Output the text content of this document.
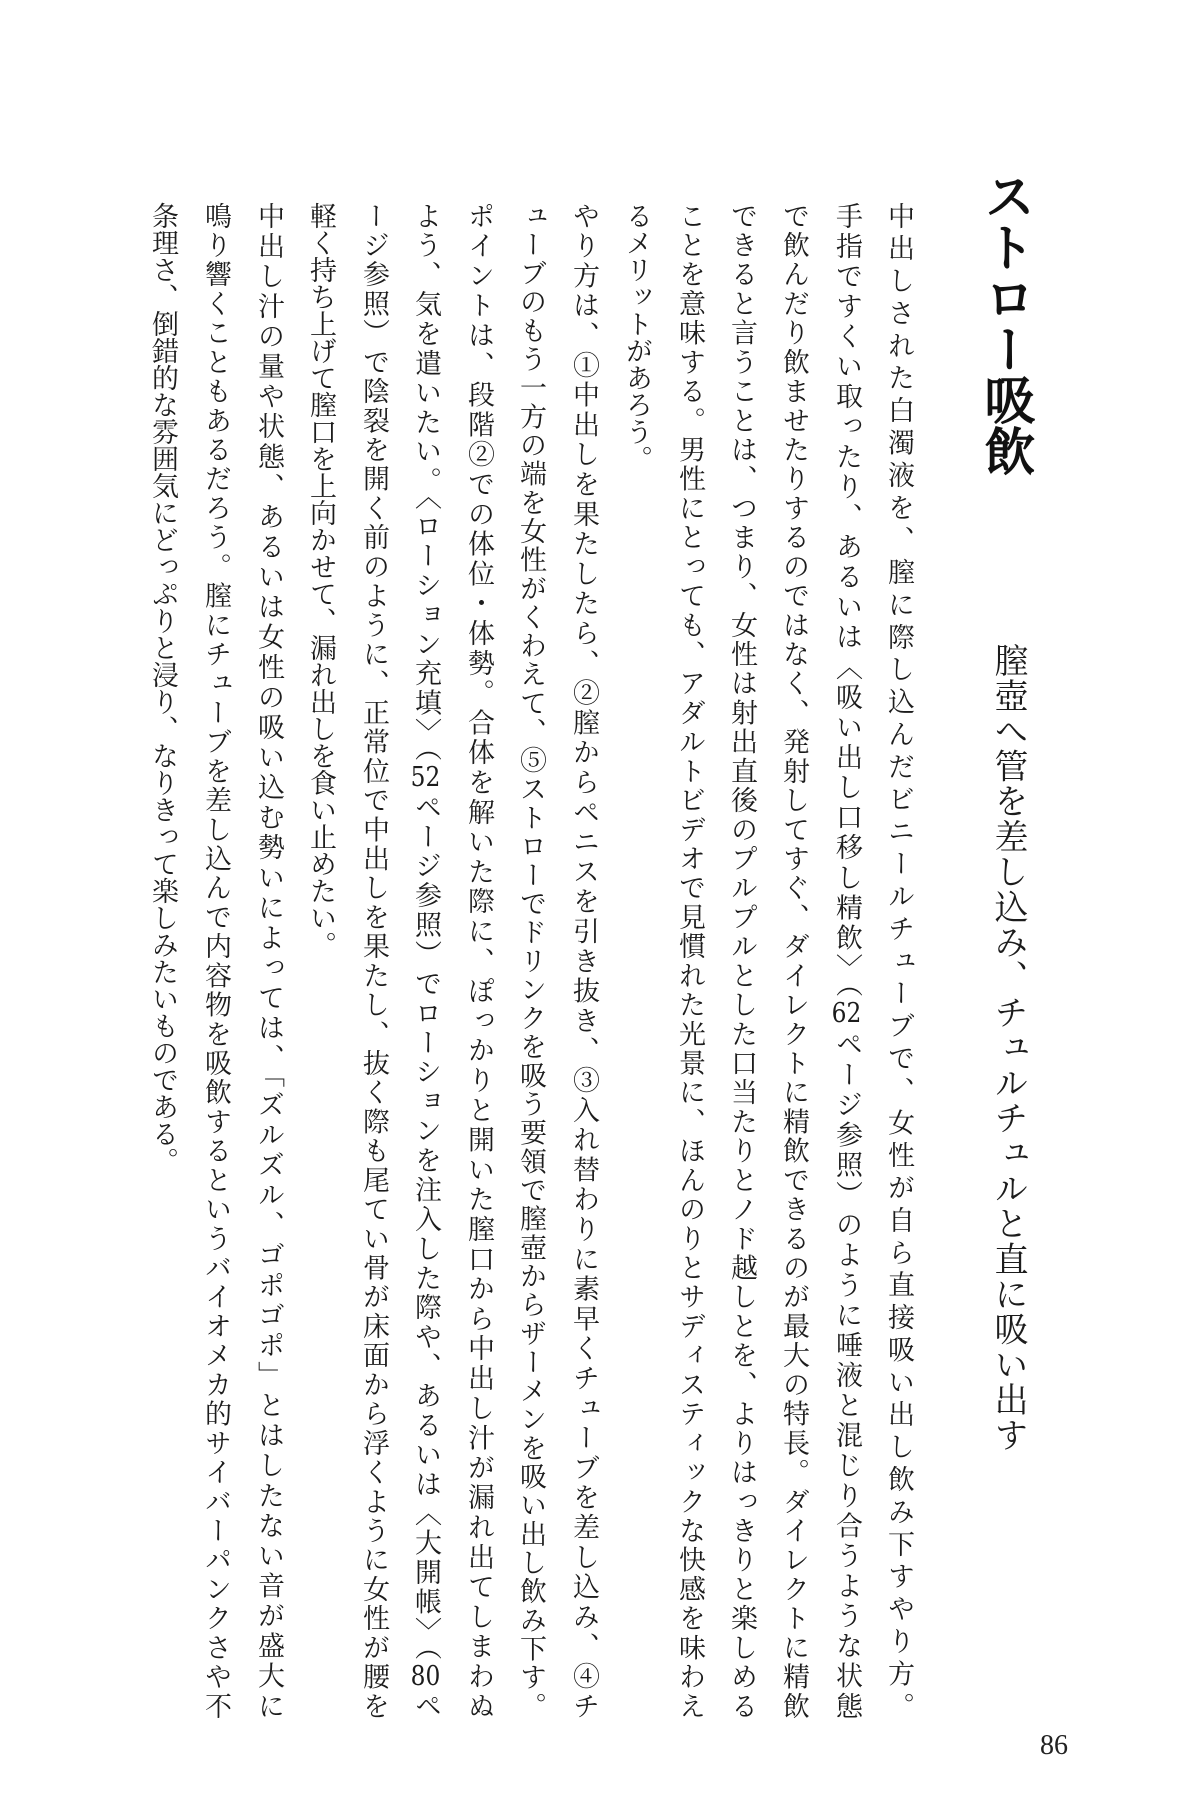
ストロー吸飲
膣壺へ管を差し込み、チュルチュルと直に吸い出す
中出しされた白濁液を、膣に際し込んだビニールチューブで、女性が自ら直接吸い出し飲み下すやり方。
手指ですくい取ったり、あるいは〈吸い出し口移し精飲〉（62ページ参照）のように唾液と混じり合うような状態
で飲んだり飲ませたりするのではなく、発射してすぐ、ダイレクトに精飲できるのが最大の特長。ダイレクトに精飲
できると言うことは、つまり、女性は射出直後のプルプルとした口当たりとノド越しとを、よりはっきりと楽しめる
ことを意味する。男性にとっても、アダルトビデオで見慣れた光景に、ほんのりとサディスティックな快感を味わえ
るメリットがあろう。
やり方は、①中出しを果たしたら、②膣からペニスを引き抜き、③入れ替わりに素早くチューブを差し込み、④チ
ューブのもう一方の端を女性がくわえて、⑤ストローでドリンクを吸う要領で膣壺からザーメンを吸い出し飲み下す。
ポイントは、段階②での体位・体勢。合体を解いた際に、ぽっかりと開いた膣口から中出し汁が漏れ出てしまわぬ
よう、気を遣いたい。〈ローション充填〉（52ページ参照）でローションを注入した際や、あるいは〈大開帳〉（80ペ
ージ参照）で陰裂を開く前のように、正常位で中出しを果たし、抜く際も尾てい骨が床面から浮くように女性が腰を
軽く持ち上げて膣口を上向かせて、漏れ出しを食い止めたい。
中出し汁の量や状態、あるいは女性の吸い込む勢いによっては、「ズルズル、ゴポゴポ」とはしたない音が盛大に
鳴り響くこともあるだろう。膣にチューブを差し込んで内容物を吸飲するというバイオメカ的サイバーパンクさや不
条理さ、倒錯的な雰囲気にどっぷりと浸り、なりきって楽しみたいものである。
86
